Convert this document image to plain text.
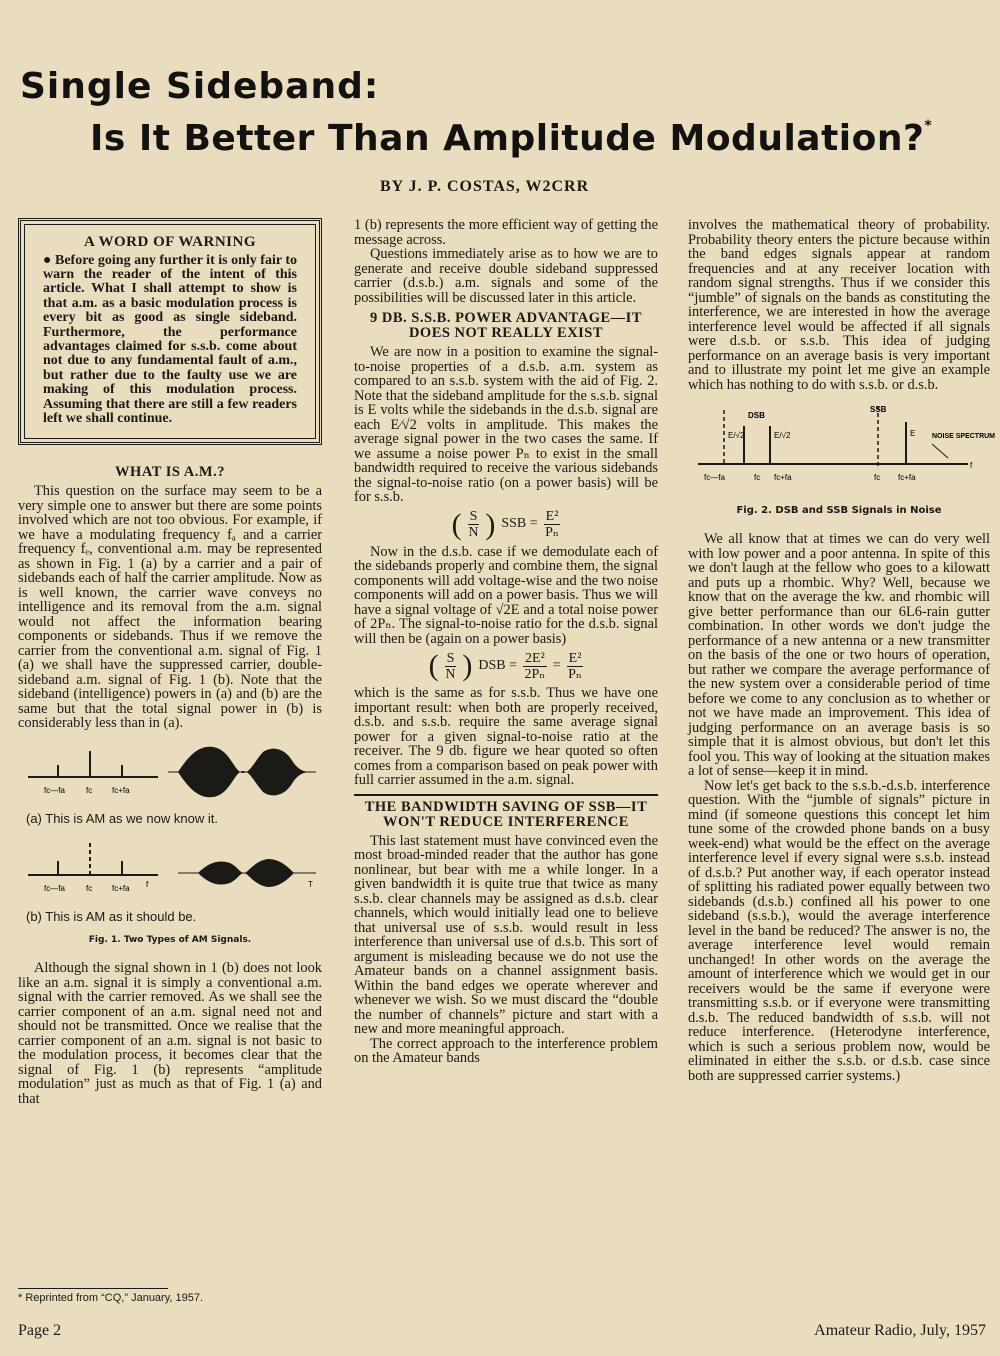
Single Sideband:
Is It Better Than Amplitude Modulation?*
BY J. P. COSTAS, W2CRR
A WORD OF WARNING

● Before going any further it is only fair to warn the reader of the intent of this article. What I shall attempt to show is that a.m. as a basic modulation process is every bit as good as single sideband. Furthermore, the performance advantages claimed for s.s.b. come about not due to any fundamental fault of a.m., but rather due to the faulty use we are making of this modulation process. Assuming that there are still a few readers left we shall continue.

WHAT IS A.M.?

This question on the surface may seem to be a very simple one to answer but there are some points involved which are not too obvious. For example, if we have a modulating frequency fₐ and a carrier frequency fₑ, conventional a.m. may be represented as shown in Fig. 1 (a) by a carrier and a pair of sidebands each of half the carrier amplitude. Now as is well known, the carrier wave conveys no intelligence and its removal from the a.m. signal would not affect the information bearing components or sidebands. Thus if we remove the carrier from the conventional a.m. signal of Fig. 1 (a) we shall have the suppressed carrier, double-sideband a.m. signal of Fig. 1 (b). Note that the sideband (intelligence) powers in (a) and (b) are the same but that the total signal power in (b) is considerably less than in (a).

fc—fa	fc fc+fa
(a) This is AM as we now know it.
fc—fa	fc fc+fa f	T
(b) This is AM as it should be.
Fig. 1. Two Types of AM Signals.

Although the signal shown in 1 (b) does not look like an a.m. signal it is simply a conventional a.m. signal with the carrier removed. As we shall see the carrier component of an a.m. signal need not and should not be transmitted. Once we realise that the carrier component of an a.m. signal is not basic to the modulation process, it becomes clear that the signal of Fig. 1 (b) represents “amplitude modulation” just as much as that of Fig. 1 (a) and that

1 (b) represents the more efficient way of getting the message across.

Questions immediately arise as to how we are to generate and receive double sideband suppressed carrier (d.s.b.) a.m. signals and some of the possibilities will be discussed later in this article.

9 DB. S.S.B. POWER ADVANTAGE—IT DOES NOT REALLY EXIST

We are now in a position to examine the signal-to-noise properties of a d.s.b. a.m. system as compared to an s.s.b. system with the aid of Fig. 2. Note that the sideband amplitude for the s.s.b. signal is E volts while the sidebands in the d.s.b. signal are each E∕√2 volts in amplitude. This makes the average signal power in the two cases the same. If we assume a noise power Pₙ to exist in the small bandwidth required to receive the various sidebands the signal-to-noise ratio (on a power basis) will be for s.s.b.

( $\frac{S}{N}$ ) SSB = $\frac{\text{E²}}{\text{Pₙ}}$

Now in the d.s.b. case if we demodulate each of the sidebands properly and combine them, the signal components will add voltage-wise and the two noise components will add on a power basis. Thus we will have a signal voltage of √2E and a total noise power of 2Pₙ. The signal-to-noise ratio for the d.s.b. signal will then be (again on a power basis)

( $\frac{S}{N}$ ) DSB = $\frac{\text{2E²}}{\text{2Pₙ}} = \frac{\text{E²}}{\text{Pₙ}}$

which is the same as for s.s.b. Thus we have one important result: when both are properly received, d.s.b. and s.s.b. require the same average signal power for a given signal-to-noise ratio at the receiver. The 9 db. figure we hear quoted so often comes from a comparison based on peak power with full carrier assumed in the a.m. signal.

THE BANDWIDTH SAVING OF SSB—IT WON'T REDUCE INTERFERENCE

This last statement must have convinced even the most broad-minded reader that the author has gone nonlinear, but bear with me a while longer. In a given bandwidth it is quite true that twice as many s.s.b. clear channels may be assigned as d.s.b. clear channels, which would initially lead one to believe that universal use of s.s.b. would result in less interference than universal use of d.s.b. This sort of argument is misleading because we do not use the Amateur bands on a channel assignment basis. Within the band edges we operate wherever and whenever we wish. So we must discard the “double the number of channels” picture and start with a new and more meaningful approach.

The correct approach to the interference problem on the Amateur bands

involves the mathematical theory of probability. Probability theory enters the picture because within the band edges signals appear at random frequencies and at any receiver location with random signal strengths. Thus if we consider this “jumble” of signals on the bands as constituting the interference, we are interested in how the average interference level would be affected if all signals were d.s.b. or s.s.b. This idea of judging performance on an average basis is very important and to illustrate my point let me give an example which has nothing to do with s.s.b. or d.s.b.

DSB
SSB
E/√2	E/√2	E NOISE SPECTRUM
fc—fa	fc fc+fa	fc fc+fa
f
Fig. 2. DSB and SSB Signals in Noise

We all know that at times we can do very well with low power and a poor antenna. In spite of this we don't laugh at the fellow who goes to a kilowatt and puts up a rhombic. Why? Well, because we know that on the average the kw. and rhombic will give better performance than our 6L6-rain gutter combination. In other words we don't judge the performance of a new antenna or a new transmitter on the basis of the one or two hours of operation, but rather we compare the average performance of the new system over a considerable period of time before we come to any conclusion as to whether or not we have made an improvement. This idea of judging performance on an average basis is so simple that it is almost obvious, but don't let this fool you. This way of looking at the situation makes a lot of sense—keep it in mind.

Now let's get back to the s.s.b.-d.s.b. interference question. With the “jumble of signals” picture in mind (if someone questions this concept let him tune some of the crowded phone bands on a busy week-end) what would be the effect on the average interference level if every signal were s.s.b. instead of d.s.b.? Put another way, if each operator instead of splitting his radiated power equally between two sidebands (d.s.b.) confined all his power to one sideband (s.s.b.), would the average interference level in the band be reduced? The answer is no, the average interference level would remain unchanged! In other words on the average the amount of interference which we would get in our receivers would be the same if everyone were transmitting s.s.b. or if everyone were transmitting d.s.b. The reduced bandwidth of s.s.b. will not reduce interference. (Heterodyne interference, which is such a serious problem now, would be eliminated in either the s.s.b. or d.s.b. case since both are suppressed carrier systems.)

* Reprinted from “CQ,” January, 1957.
Page 2	Amateur Radio, July, 1957
